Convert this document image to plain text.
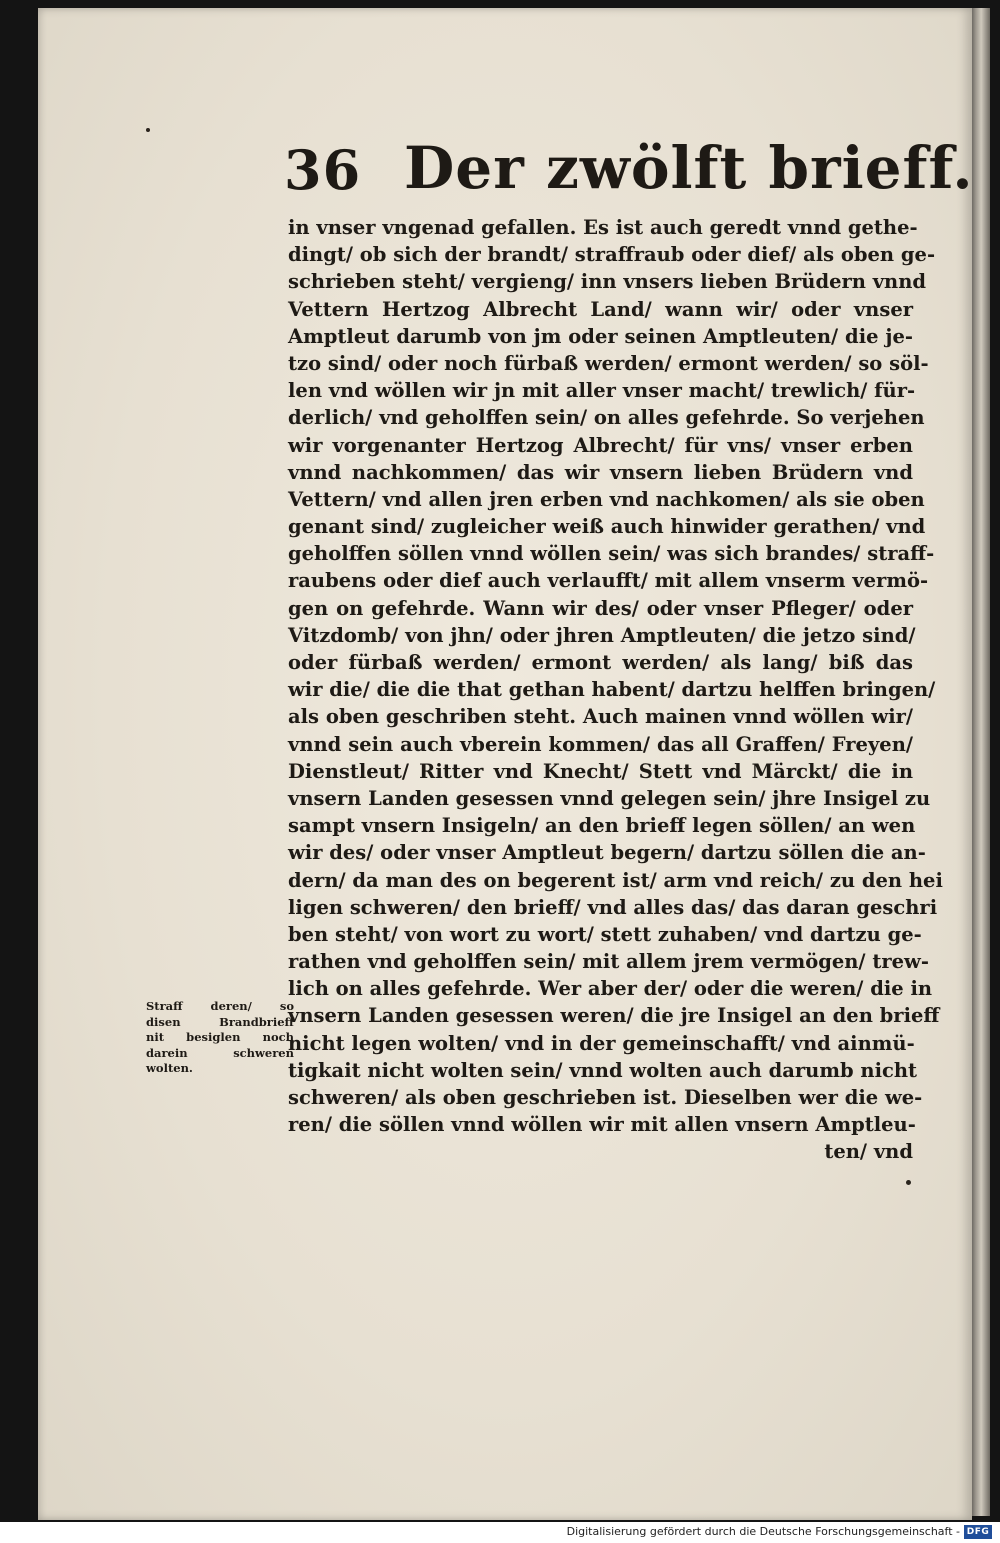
36 Der zwölft brieff.
in vnser vngenad gefallen. Es ist auch geredt vnnd gethe-
dingt/ ob sich der brandt/ straffraub oder dief/ als oben ge-
schrieben steht/ vergieng/ inn vnsers lieben Brüdern vnnd
Vettern Hertzog Albrecht Land/ wann wir/ oder vnser
Amptleut darumb von jm oder seinen Amptleuten/ die je-
tzo sind/ oder noch fürbaß werden/ ermont werden/ so söl-
len vnd wöllen wir jn mit aller vnser macht/ trewlich/ für-
derlich/ vnd geholffen sein/ on alles gefehrde. So verjehen
wir vorgenanter Hertzog Albrecht/ für vns/ vnser erben
vnnd nachkommen/ das wir vnsern lieben Brüdern vnd
Vettern/ vnd allen jren erben vnd nachkomen/ als sie oben
genant sind/ zugleicher weiß auch hinwider gerathen/ vnd
geholffen söllen vnnd wöllen sein/ was sich brandes/ straff-
raubens oder dief auch verlaufft/ mit allem vnserm vermö-
gen on gefehrde. Wann wir des/ oder vnser Pfleger/ oder
Vitzdomb/ von jhn/ oder jhren Amptleuten/ die jetzo sind/
oder fürbaß werden/ ermont werden/ als lang/ biß das
wir die/ die die that gethan habent/ dartzu helffen bringen/
als oben geschriben steht. Auch mainen vnnd wöllen wir/
vnnd sein auch vberein kommen/ das all Graffen/ Freyen/
Dienstleut/ Ritter vnd Knecht/ Stett vnd Märckt/ die in
vnsern Landen gesessen vnnd gelegen sein/ jhre Insigel zu
sampt vnsern Insigeln/ an den brieff legen söllen/ an wen
wir des/ oder vnser Amptleut begern/ dartzu söllen die an-
dern/ da man des on begerent ist/ arm vnd reich/ zu den hei
ligen schweren/ den brieff/ vnd alles das/ das daran geschri
ben steht/ von wort zu wort/ stett zuhaben/ vnd dartzu ge-
rathen vnd geholffen sein/ mit allem jrem vermögen/ trew-
lich on alles gefehrde. Wer aber der/ oder die weren/ die in
vnsern Landen gesessen weren/ die jre Insigel an den brieff
nicht legen wolten/ vnd in der gemeinschafft/ vnd ainmü-
tigkait nicht wolten sein/ vnnd wolten auch darumb nicht
schweren/ als oben geschrieben ist. Dieselben wer die we-
ren/ die söllen vnnd wöllen wir mit allen vnsern Amptleu-
ten/ vnd
Straff deren/ so
disen Brandbrieff
nit besiglen noch
darein schweren
wolten.
Digitalisierung gefördert durch die Deutsche Forschungsgemeinschaft - DFG
